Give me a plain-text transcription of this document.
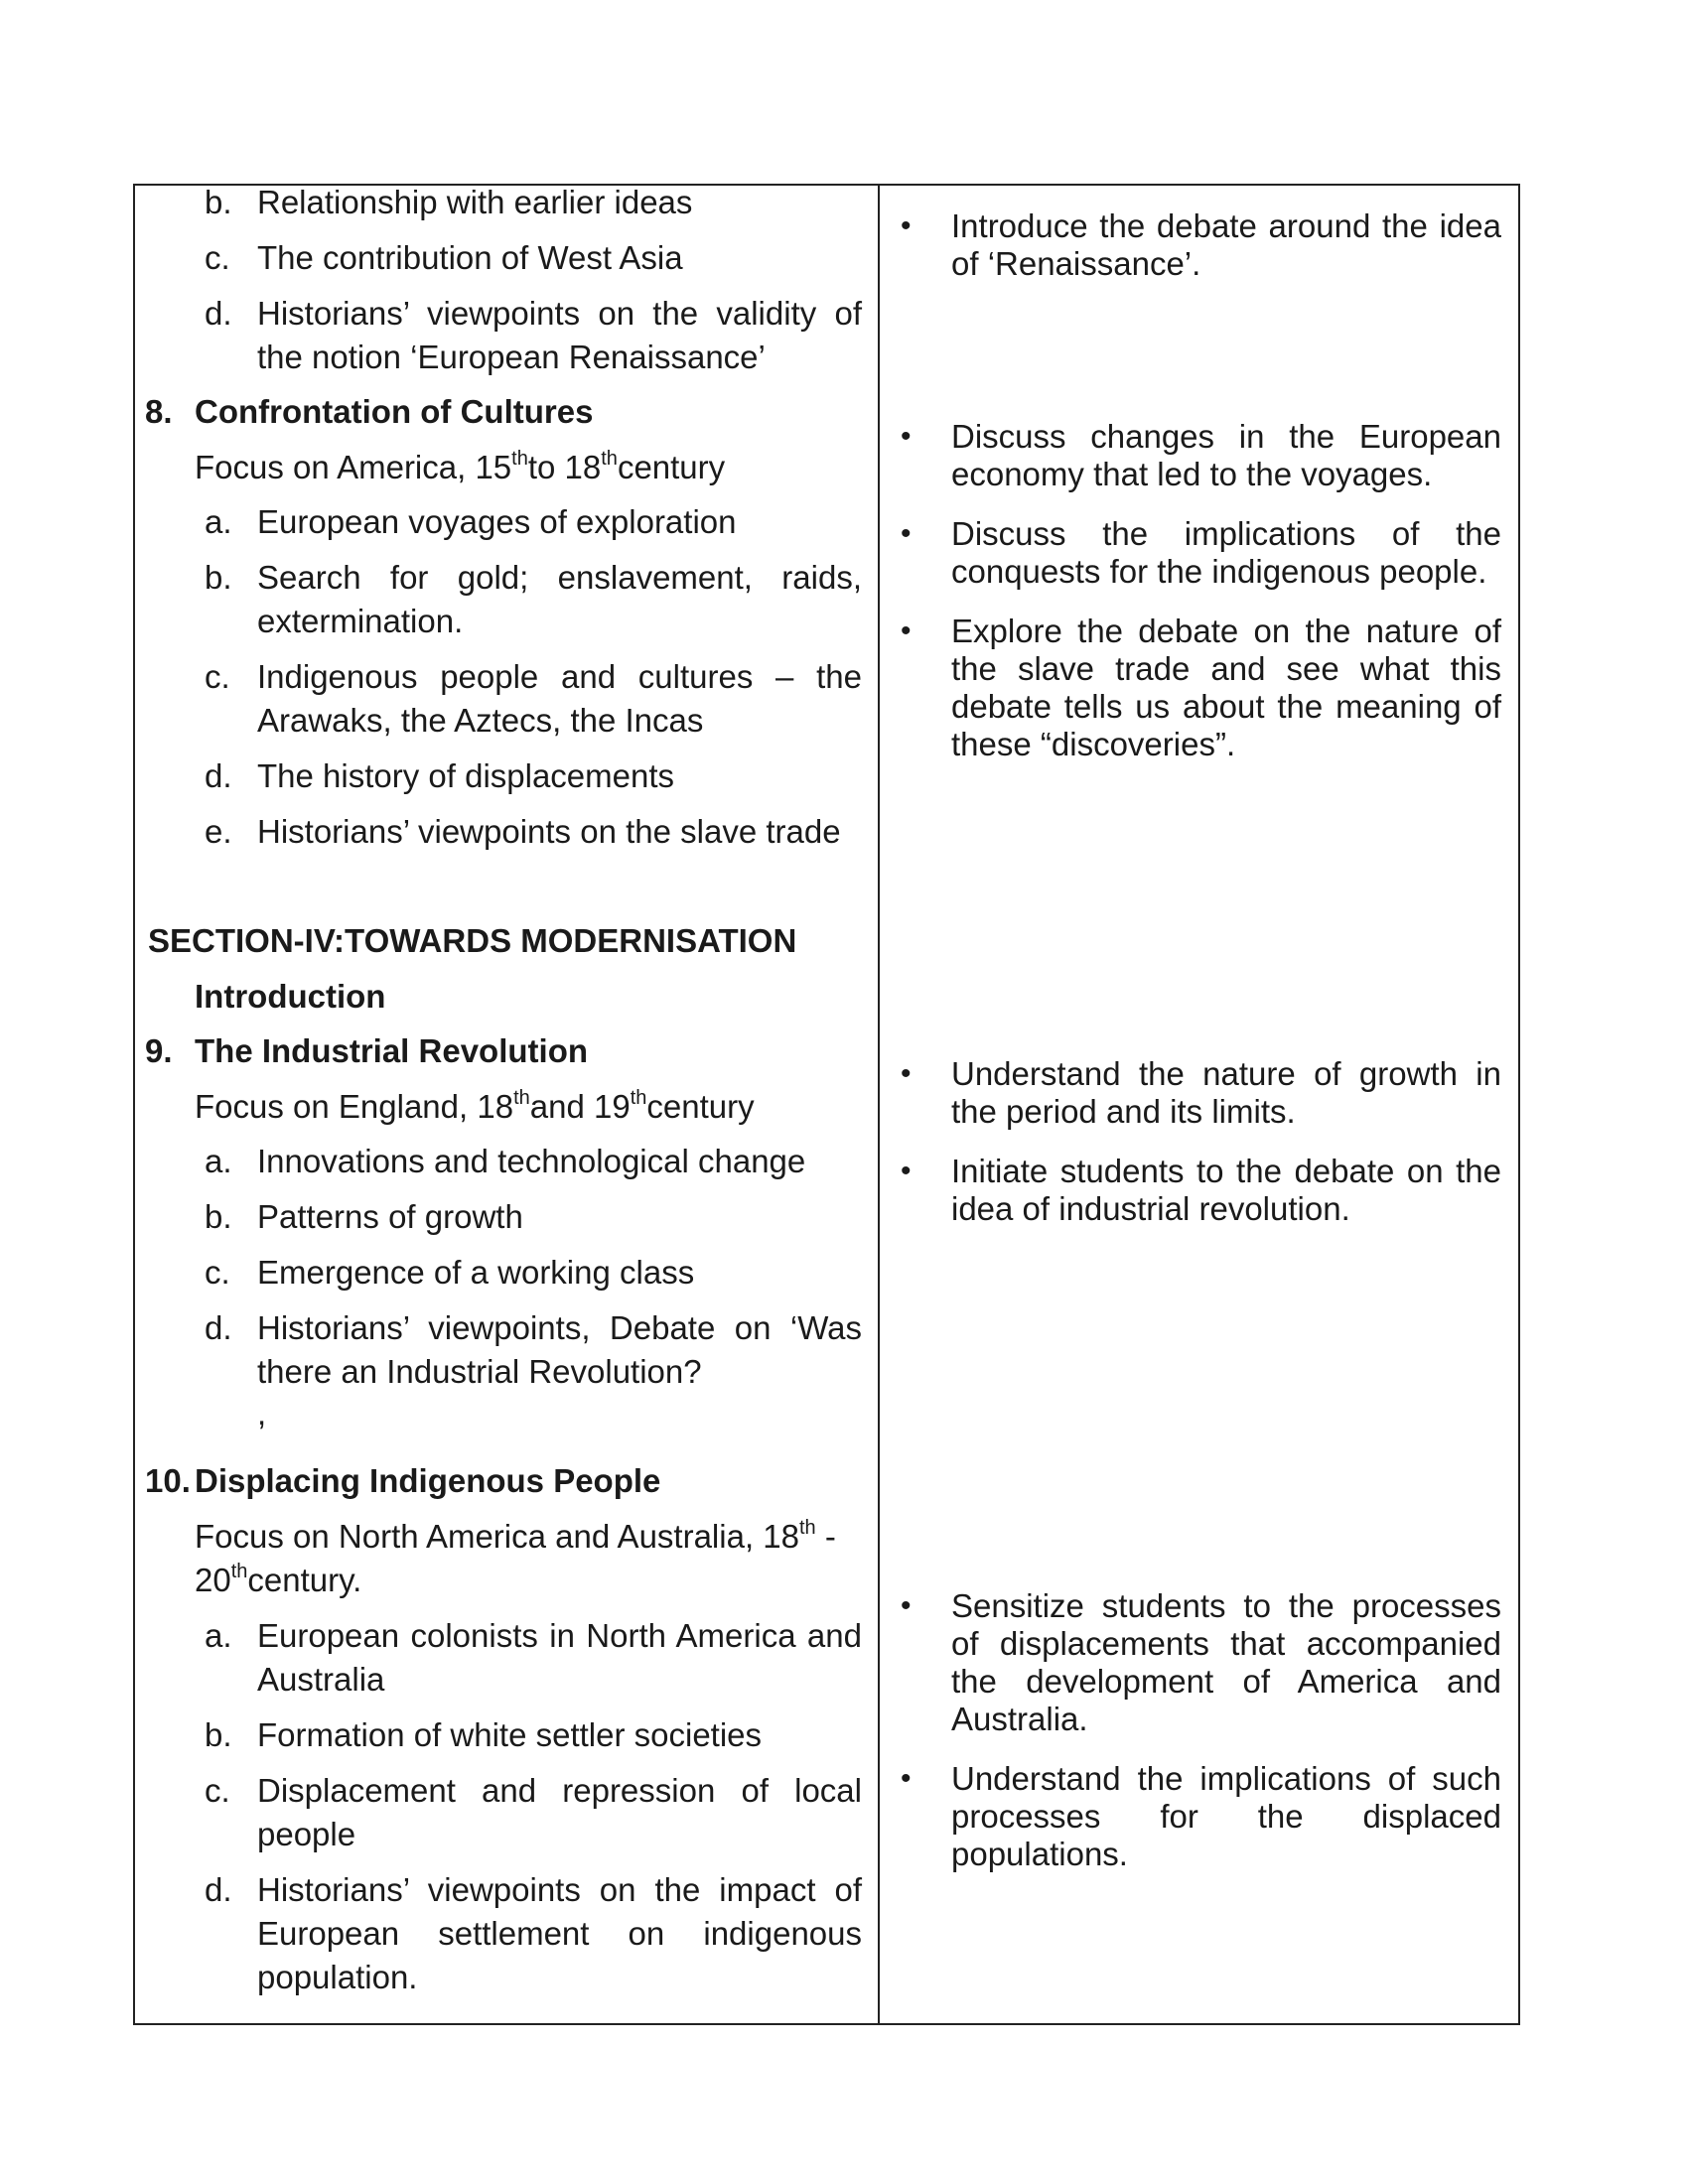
b. Relationship with earlier ideas
c. The contribution of West Asia
d. Historians’ viewpoints on the validity of
the notion ‘European Renaissance’
8. Confrontation of Cultures
Focus on America, 15thto 18thcentury
a. European voyages of exploration
b. Search for gold; enslavement, raids,
extermination.
c. Indigenous people and cultures – the
Arawaks, the Aztecs, the Incas
d. The history of displacements
e. Historians’ viewpoints on the slave trade
SECTION-IV:TOWARDS MODERNISATION
Introduction
9. The Industrial Revolution
Focus on England, 18thand 19thcentury
a. Innovations and technological change
b. Patterns of growth
c. Emergence of a working class
d. Historians’ viewpoints, Debate on ‘Was
there an Industrial Revolution?
,
10. Displacing Indigenous People
Focus on North America and Australia, 18th -
20thcentury.
a. European colonists in North America and
Australia
b. Formation of white settler societies
c. Displacement and repression of local
people
d. Historians’ viewpoints on the impact of
European settlement on indigenous
population.
• Introduce the debate around the idea
of ‘Renaissance’.
• Discuss changes in the European
economy that led to the voyages.
• Discuss the implications of the
conquests for the indigenous people.
• Explore the debate on the nature of
the slave trade and see what this
debate tells us about the meaning of
these “discoveries”.
• Understand the nature of growth in
the period and its limits.
• Initiate students to the debate on the
idea of industrial revolution.
• Sensitize students to the processes
of displacements that accompanied
the development of America and
Australia.
• Understand the implications of such
processes for the displaced
populations.
